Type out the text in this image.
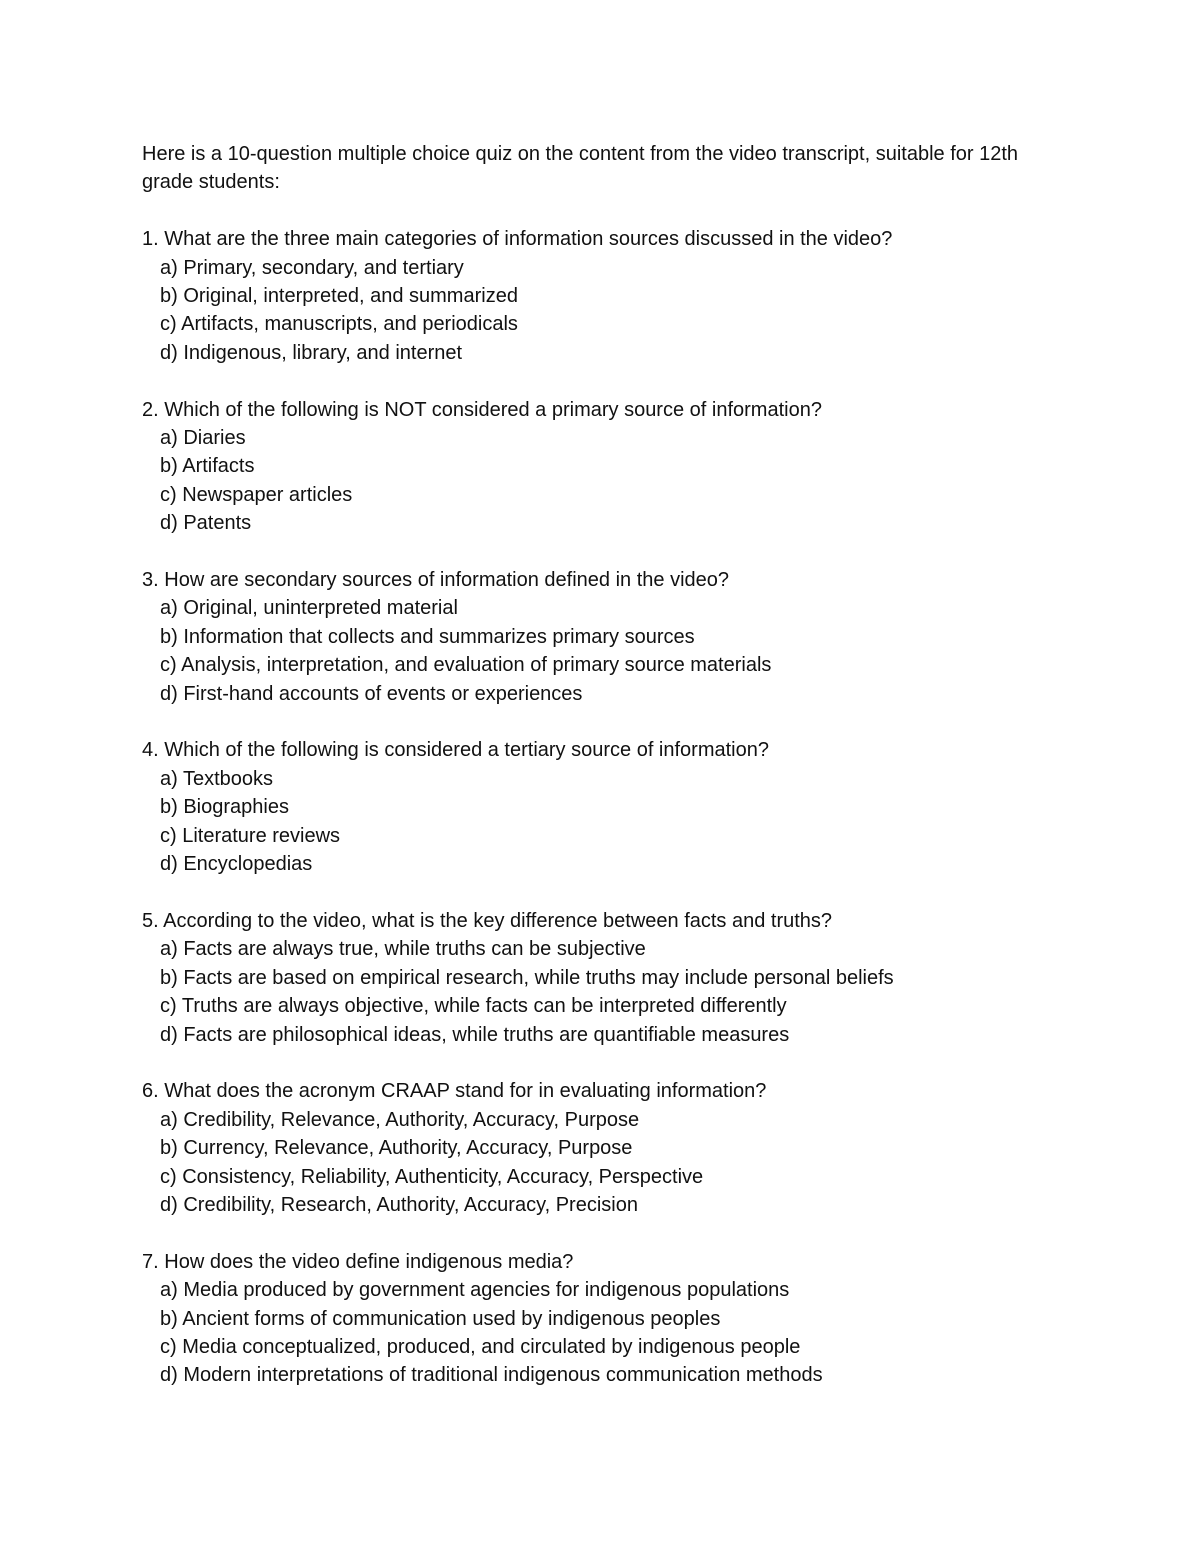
Here is a 10-question multiple choice quiz on the content from the video transcript, suitable for 12th grade students:

1. What are the three main categories of information sources discussed in the video?

a) Primary, secondary, and tertiary
b) Original, interpreted, and summarized
c) Artifacts, manuscripts, and periodicals
d) Indigenous, library, and internet

2. Which of the following is NOT considered a primary source of information?

a) Diaries
b) Artifacts
c) Newspaper articles
d) Patents

3. How are secondary sources of information defined in the video?

a) Original, uninterpreted material
b) Information that collects and summarizes primary sources
c) Analysis, interpretation, and evaluation of primary source materials
d) First-hand accounts of events or experiences

4. Which of the following is considered a tertiary source of information?

a) Textbooks
b) Biographies
c) Literature reviews
d) Encyclopedias

5. According to the video, what is the key difference between facts and truths?

a) Facts are always true, while truths can be subjective
b) Facts are based on empirical research, while truths may include personal beliefs
c) Truths are always objective, while facts can be interpreted differently
d) Facts are philosophical ideas, while truths are quantifiable measures

6. What does the acronym CRAAP stand for in evaluating information?

a) Credibility, Relevance, Authority, Accuracy, Purpose
b) Currency, Relevance, Authority, Accuracy, Purpose
c) Consistency, Reliability, Authenticity, Accuracy, Perspective
d) Credibility, Research, Authority, Accuracy, Precision

7. How does the video define indigenous media?

a) Media produced by government agencies for indigenous populations
b) Ancient forms of communication used by indigenous peoples
c) Media conceptualized, produced, and circulated by indigenous people
d) Modern interpretations of traditional indigenous communication methods
